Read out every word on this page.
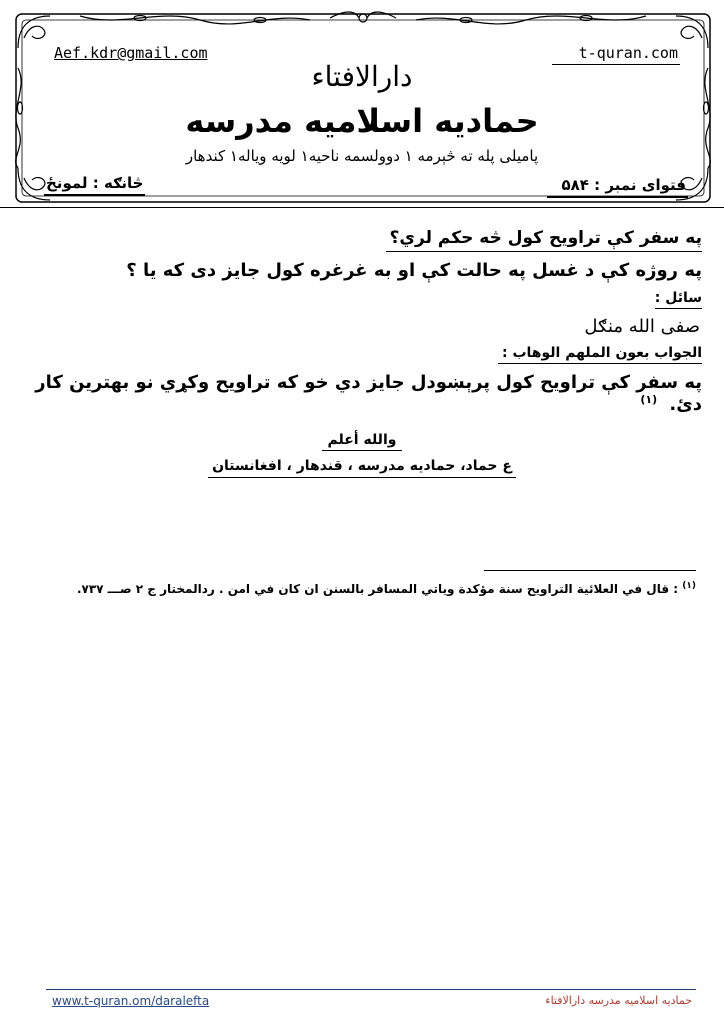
Aef.kdr@gmail.com	t-quran.com
دارالافتاء
حمادیه اسلامیه مدرسه
پامیلی پله ته څېرمه ۱ دوولسمه ناحیه۱ لویه ویاله۱ کندهار
فتوای نمبر : ۵۸۴
څانګه : لمونځ
په سفر کې تراویح کول څه حکم لري؟
په روژه کې د غسل په حالت کې او به غرغره کول جایز دی که یا ؟
سائل :
صفی الله منګل
الجواب بعون الملهم الوهاب :
په سفر کې تراویح کول پرېښودل جایز دي خو که تراویح وکړي نو بهترین کار دئ. $^{(۱)}$
والله أعلم
ع حماد، حمادیه مدرسه ، قندهار ، افغانستان
$^{(۱)}$ : قال في العلائیة التراویح سنة مؤکدة ویاتي المسافر بالسنن ان کان في امن . ردالمختار ج ۲ صـــ ۷۳۷.
www.t-quran.om/daralefta	حمادیه اسلامیه مدرسه دارالافتاء
